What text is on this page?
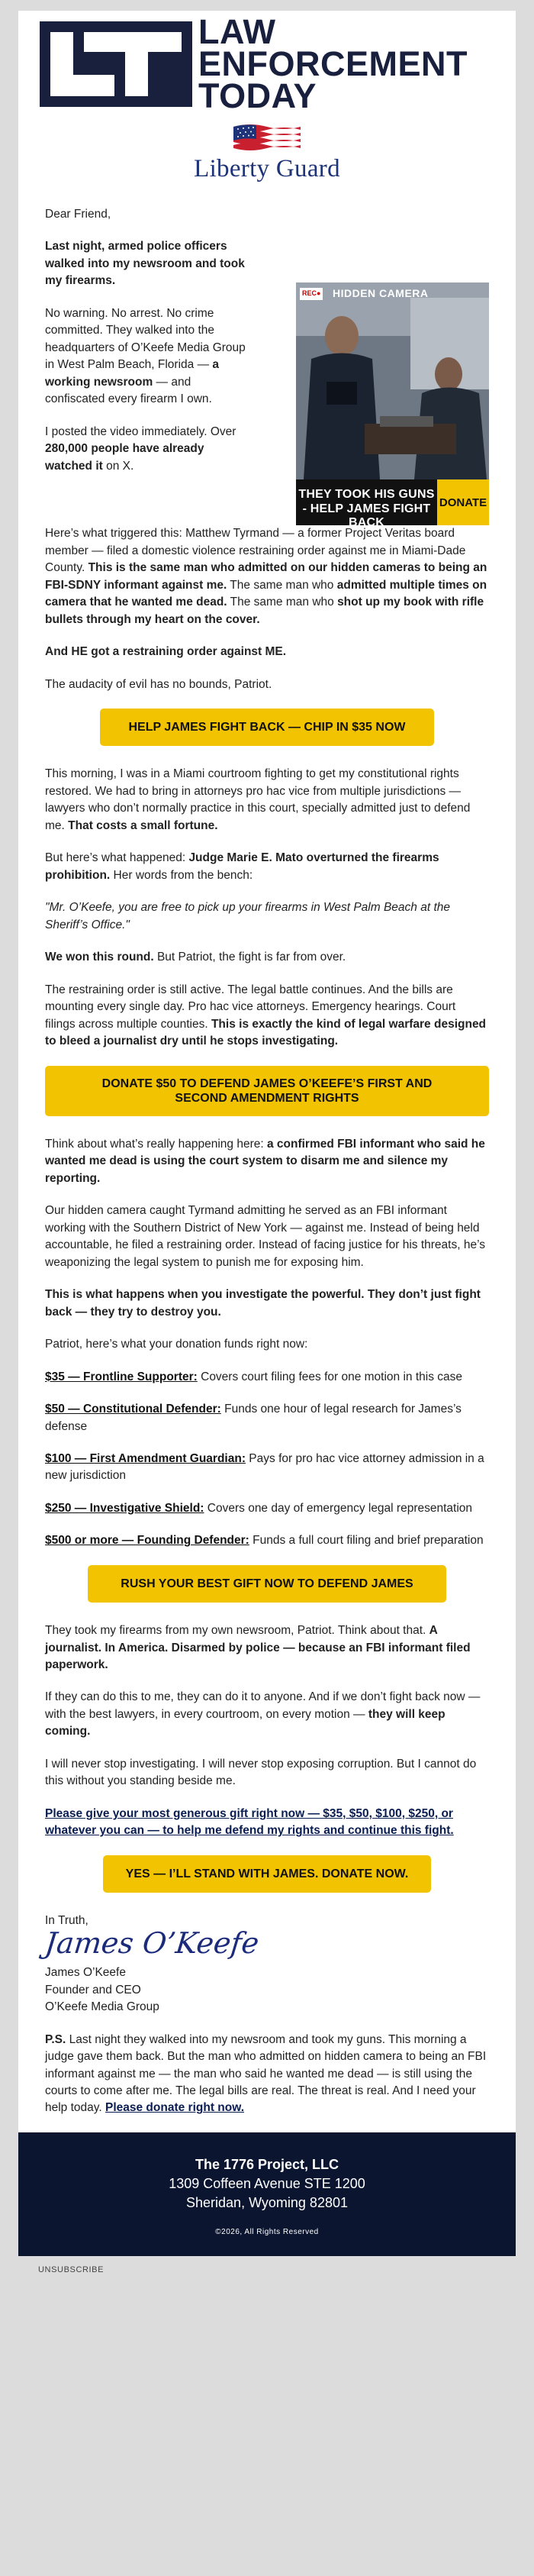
LAW
ENFORCEMENT
TODAY
Liberty Guard

Dear Friend,

Last night, armed police officers walked into my newsroom and took my firearms.

No warning. No arrest. No crime committed. They walked into the headquarters of O’Keefe Media Group in West Palm Beach, Florida — a working newsroom — and confiscated every firearm I own.

I posted the video immediately. Over 280,000 people have already watched it on X.

REC● HIDDEN CAMERA
THEY TOOK HIS GUNS - HELP JAMES FIGHT BACK
DONATE

Here’s what triggered this: Matthew Tyrmand — a former Project Veritas board member — filed a domestic violence restraining order against me in Miami-Dade County. This is the same man who admitted on our hidden cameras to being an FBI-SDNY informant against me. The same man who admitted multiple times on camera that he wanted me dead. The same man who shot up my book with rifle bullets through my heart on the cover.

And HE got a restraining order against ME.

The audacity of evil has no bounds, Patriot.

HELP JAMES FIGHT BACK — CHIP IN $35 NOW

This morning, I was in a Miami courtroom fighting to get my constitutional rights restored. We had to bring in attorneys pro hac vice from multiple jurisdictions — lawyers who don’t normally practice in this court, specially admitted just to defend me. That costs a small fortune.

But here’s what happened: Judge Marie E. Mato overturned the firearms prohibition. Her words from the bench:

"Mr. O’Keefe, you are free to pick up your firearms in West Palm Beach at the Sheriff’s Office."

We won this round. But Patriot, the fight is far from over.

The restraining order is still active. The legal battle continues. And the bills are mounting every single day. Pro hac vice attorneys. Emergency hearings. Court filings across multiple counties. This is exactly the kind of legal warfare designed to bleed a journalist dry until he stops investigating.

DONATE $50 TO DEFEND JAMES O’KEEFE’S FIRST AND SECOND AMENDMENT RIGHTS

Think about what’s really happening here: a confirmed FBI informant who said he wanted me dead is using the court system to disarm me and silence my reporting.

Our hidden camera caught Tyrmand admitting he served as an FBI informant working with the Southern District of New York — against me. Instead of being held accountable, he filed a restraining order. Instead of facing justice for his threats, he’s weaponizing the legal system to punish me for exposing him.

This is what happens when you investigate the powerful. They don’t just fight back — they try to destroy you.

Patriot, here’s what your donation funds right now:

$35 — Frontline Supporter: Covers court filing fees for one motion in this case

$50 — Constitutional Defender: Funds one hour of legal research for James’s defense

$100 — First Amendment Guardian: Pays for pro hac vice attorney admission in a new jurisdiction

$250 — Investigative Shield: Covers one day of emergency legal representation

$500 or more — Founding Defender: Funds a full court filing and brief preparation

RUSH YOUR BEST GIFT NOW TO DEFEND JAMES

They took my firearms from my own newsroom, Patriot. Think about that. A journalist. In America. Disarmed by police — because an FBI informant filed paperwork.

If they can do this to me, they can do it to anyone. And if we don’t fight back now — with the best lawyers, in every courtroom, on every motion — they will keep coming.

I will never stop investigating. I will never stop exposing corruption. But I cannot do this without you standing beside me.

Please give your most generous gift right now — $35, $50, $100, $250, or whatever you can — to help me defend my rights and continue this fight.

YES — I’LL STAND WITH JAMES. DONATE NOW.

In Truth,

James O’Keefe
James O’Keefe
Founder and CEO
O’Keefe Media Group

P.S. Last night they walked into my newsroom and took my guns. This morning a judge gave them back. But the man who admitted on hidden camera to being an FBI informant against me — the man who said he wanted me dead — is still using the courts to come after me. The legal bills are real. The threat is real. And I need your help today. Please donate right now.

The 1776 Project, LLC
1309 Coffeen Avenue STE 1200
Sheridan, Wyoming 82801
©2026, All Rights Reserved
UNSUBSCRIBE
